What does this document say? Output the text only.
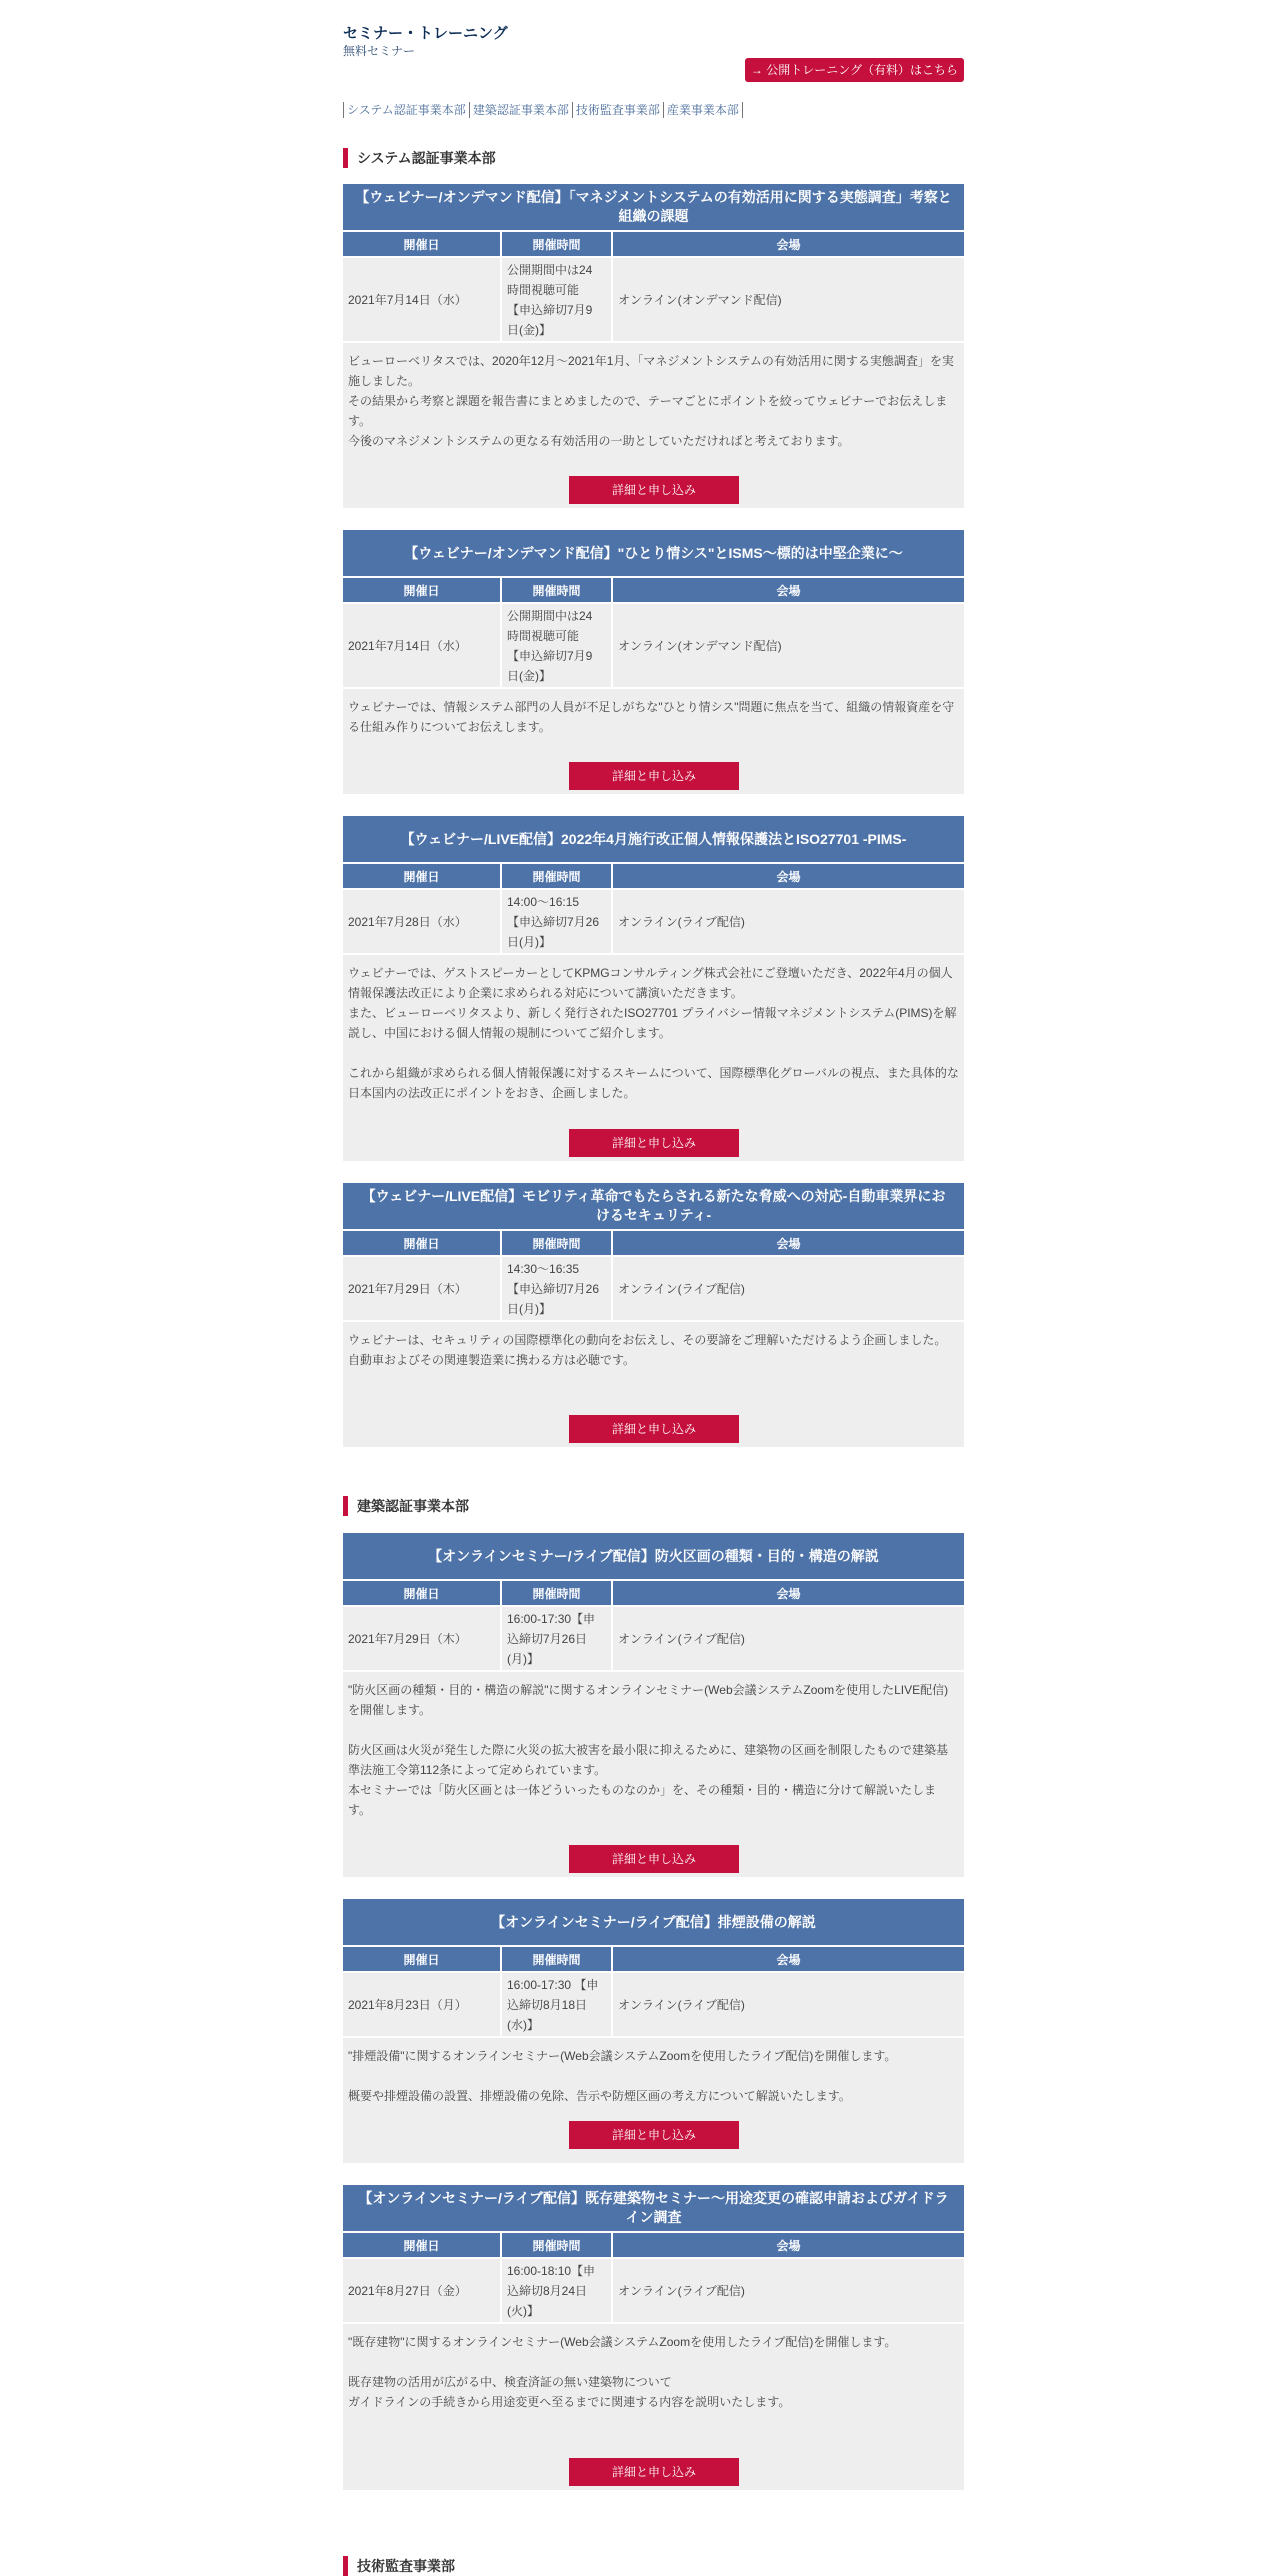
セミナー・トレーニング
無料セミナー
→ 公開トレーニング（有料）はこちら
システム認証事業本部 建築認証事業本部 技術監査事業部 産業事業本部
システム認証事業本部
【ウェビナー/オンデマンド配信】「マネジメントシステムの有効活用に関する実態調査」考察と組織の課題
開催日	開催時間	会場
2021年7月14日（水）	公開期間中は24
時間視聴可能
【申込締切7月9
日(金)】	オンライン(オンデマンド配信)

ビューローベリタスでは、2020年12月～2021年1月、「マネジメントシステムの有効活用に関する実態調査」を実施しました。

その結果から考察と課題を報告書にまとめましたので、テーマごとにポイントを絞ってウェビナーでお伝えします。

今後のマネジメントシステムの更なる有効活用の一助としていただければと考えております。

詳細と申し込み
【ウェビナー/オンデマンド配信】"ひとり情シス"とISMS～標的は中堅企業に～
開催日	開催時間	会場
2021年7月14日（水）	公開期間中は24
時間視聴可能
【申込締切7月9
日(金)】	オンライン(オンデマンド配信)

ウェビナーでは、情報システム部門の人員が不足しがちな"ひとり情シス"問題に焦点を当て、組織の情報資産を守る仕組み作りについてお伝えします。

詳細と申し込み
【ウェビナー/LIVE配信】2022年4月施行改正個人情報保護法とISO27701 -PIMS-
開催日	開催時間	会場
2021年7月28日（水）	14:00～16:15
【申込締切7月26
日(月)】	オンライン(ライブ配信)

ウェビナーでは、ゲストスピーカーとしてKPMGコンサルティング株式会社にご登壇いただき、2022年4月の個人情報保護法改正により企業に求められる対応について講演いただきます。

また、ビューローベリタスより、新しく発行されたISO27701 プライバシー情報マネジメントシステム(PIMS)を解説し、中国における個人情報の規制についてご紹介します。

これから組織が求められる個人情報保護に対するスキームについて、国際標準化グローバルの視点、また具体的な日本国内の法改正にポイントをおき、企画しました。

詳細と申し込み
【ウェビナー/LIVE配信】モビリティ革命でもたらされる新たな脅威への対応-自動車業界におけるセキュリティ-
開催日	開催時間	会場
2021年7月29日（木）	14:30～16:35
【申込締切7月26
日(月)】	オンライン(ライブ配信)

ウェビナーは、セキュリティの国際標準化の動向をお伝えし、その要諦をご理解いただけるよう企画しました。

自動車およびその関連製造業に携わる方は必聴です。

詳細と申し込み
建築認証事業本部
【オンラインセミナー/ライブ配信】防火区画の種類・目的・構造の解説
開催日	開催時間	会場
2021年7月29日（木）	16:00-17:30【申
込締切7月26日
(月)】	オンライン(ライブ配信)

"防火区画の種類・目的・構造の解説"に関するオンラインセミナー(Web会議システムZoomを使用したLIVE配信)を開催します。

防火区画は火災が発生した際に火災の拡大被害を最小限に抑えるために、建築物の区画を制限したもので建築基準法施工令第112条によって定められています。

本セミナーでは「防火区画とは一体どういったものなのか」を、その種類・目的・構造に分けて解説いたします。

詳細と申し込み
【オンラインセミナー/ライブ配信】排煙設備の解説
開催日	開催時間	会場
2021年8月23日（月）	16:00-17:30 【申
込締切8月18日
(水)】	オンライン(ライブ配信)

"排煙設備"に関するオンラインセミナー(Web会議システムZoomを使用したライブ配信)を開催します。

概要や排煙設備の設置、排煙設備の免除、告示や防煙区画の考え方について解説いたします。

詳細と申し込み
【オンラインセミナー/ライブ配信】既存建築物セミナー～用途変更の確認申請およびガイドライン調査
開催日	開催時間	会場
2021年8月27日（金）	16:00-18:10【申
込締切8月24日
(火)】	オンライン(ライブ配信)

"既存建物"に関するオンラインセミナー(Web会議システムZoomを使用したライブ配信)を開催します。

既存建物の活用が広がる中、検査済証の無い建築物について

ガイドラインの手続きから用途変更へ至るまでに関連する内容を説明いたします。

詳細と申し込み
技術監査事業部
